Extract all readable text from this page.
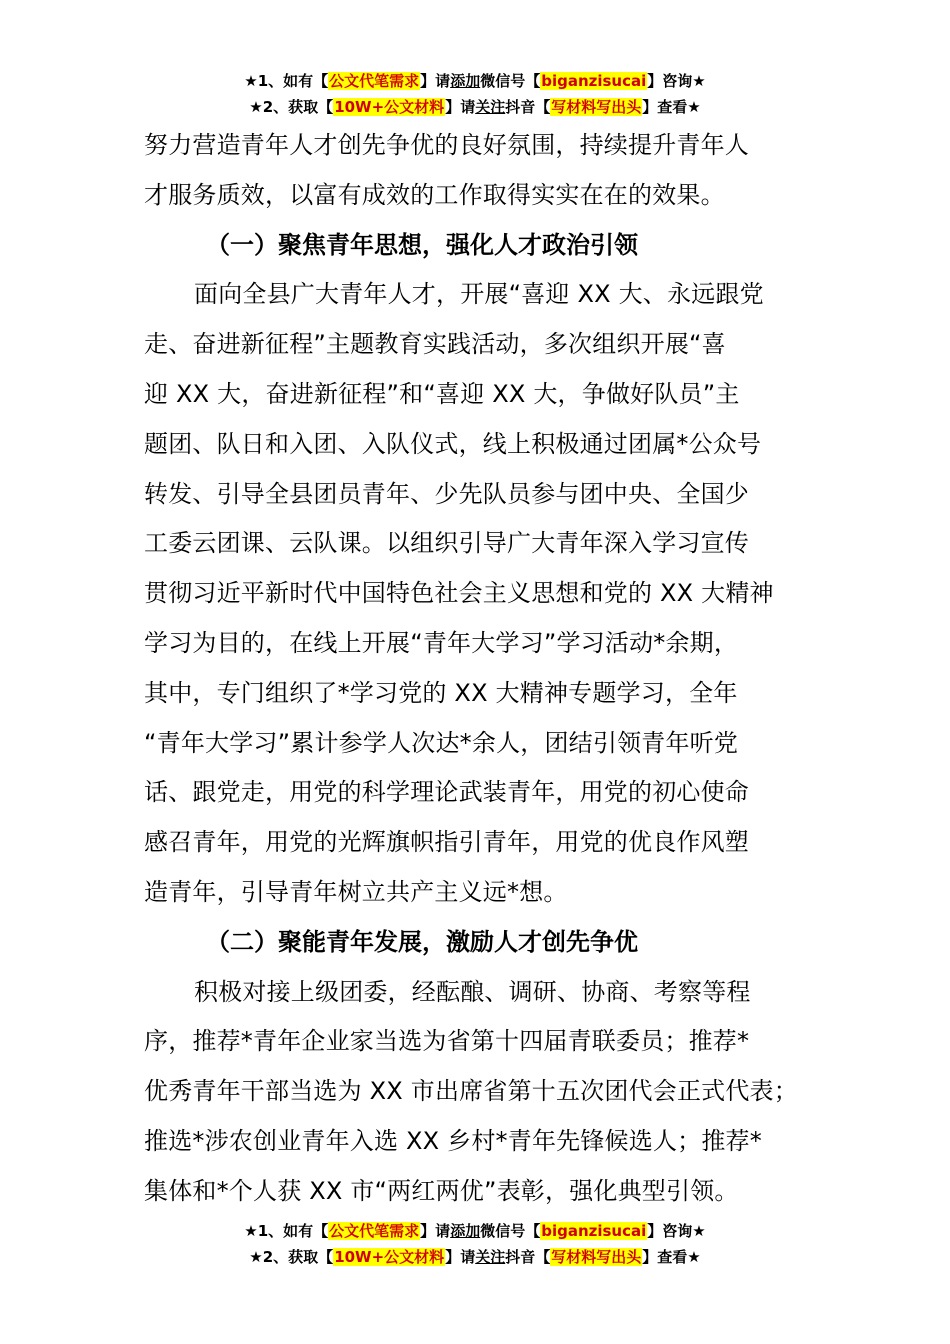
★1、如有【公文代笔需求】请添加微信号【biganzisucai】咨询★
★2、获取【10W+公文材料】请关注抖音【写材料写出头】查看★
努力营造青年人才创先争优的良好氛围，持续提升青年人
才服务质效，以富有成效的工作取得实实在在的效果。
（一）聚焦青年思想，强化人才政治引领
面向全县广大青年人才，开展“喜迎 XX 大、永远跟党
走、奋进新征程”主题教育实践活动，多次组织开展“喜
迎 XX 大，奋进新征程”和“喜迎 XX 大，争做好队员”主
题团、队日和入团、入队仪式，线上积极通过团属*公众号
转发、引导全县团员青年、少先队员参与团中央、全国少
工委云团课、云队课。以组织引导广大青年深入学习宣传
贯彻习近平新时代中国特色社会主义思想和党的 XX 大精神
学习为目的，在线上开展“青年大学习”学习活动*余期，
其中，专门组织了*学习党的 XX 大精神专题学习，全年
“青年大学习”累计参学人次达*余人，团结引领青年听党
话、跟党走，用党的科学理论武装青年，用党的初心使命
感召青年，用党的光辉旗帜指引青年，用党的优良作风塑
造青年，引导青年树立共产主义远*想。
（二）聚能青年发展，激励人才创先争优
积极对接上级团委，经酝酿、调研、协商、考察等程
序，推荐*青年企业家当选为省第十四届青联委员；推荐*
优秀青年干部当选为 XX 市出席省第十五次团代会正式代表；
推选*涉农创业青年入选 XX 乡村*青年先锋候选人；推荐*
集体和*个人获 XX 市“两红两优”表彰，强化典型引领。
★1、如有【公文代笔需求】请添加微信号【biganzisucai】咨询★
★2、获取【10W+公文材料】请关注抖音【写材料写出头】查看★
